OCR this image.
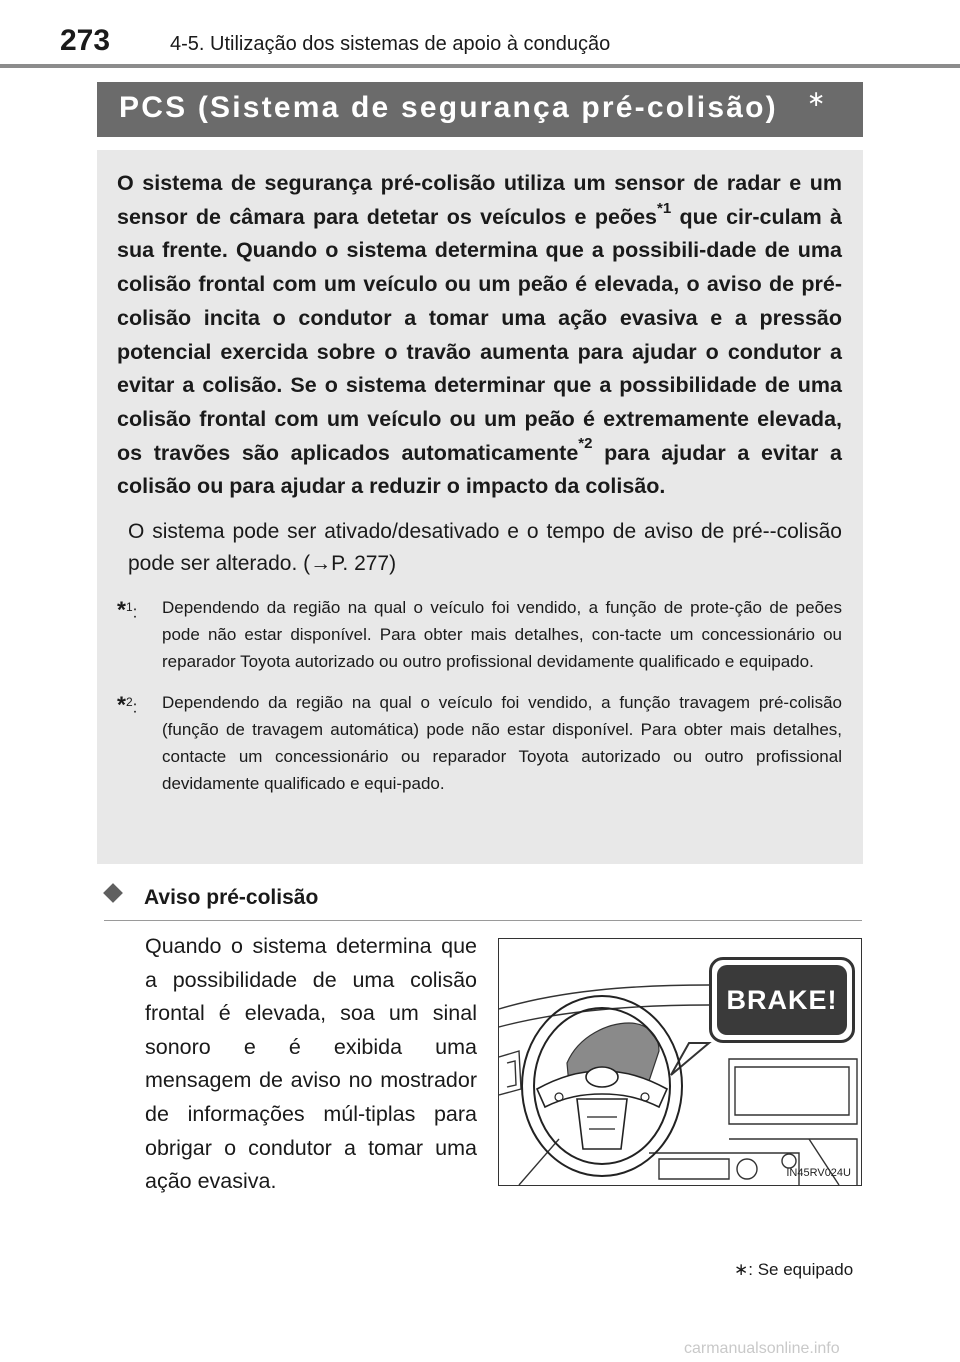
273	4-5. Utilização dos sistemas de apoio à condução
PCS (Sistema de segurança pré-colisão) ∗

O sistema de segurança pré-colisão utiliza um sensor de radar e um sensor de câmara para detetar os veículos e peões$^{*1}$ que cir-culam à sua frente. Quando o sistema determina que a possibili-dade de uma colisão frontal com um veículo ou um peão é elevada, o aviso de pré-colisão incita o condutor a tomar uma ação evasiva e a pressão potencial exercida sobre o travão aumenta para ajudar o condutor a evitar a colisão. Se o sistema determinar que a possibilidade de uma colisão frontal com um veículo ou um peão é extremamente elevada, os travões são aplicados automaticamente$^{*2}$ para ajudar a evitar a colisão ou para ajudar a reduzir o impacto da colisão.

O sistema pode ser ativado/desativado e o tempo de aviso de pré--colisão pode ser alterado. (→P. 277)

*$^1$: Dependendo da região na qual o veículo foi vendido, a função de prote-ção de peões pode não estar disponível. Para obter mais detalhes, con-tacte um concessionário ou reparador Toyota autorizado ou outro profissional devidamente qualificado e equipado.
*$^2$: Dependendo da região na qual o veículo foi vendido, a função travagem pré-colisão (função de travagem automática) pode não estar disponível. Para obter mais detalhes, contacte um concessionário ou reparador Toyota autorizado ou outro profissional devidamente qualificado e equi-pado.
Aviso pré-colisão
Quando o sistema determina que a possibilidade de uma colisão frontal é elevada, soa um sinal sonoro e é exibida uma mensagem de aviso no mostrador de informações múl-tiplas para obrigar o condutor a tomar uma ação evasiva.
BRAKE!
IN45RV024U
∗: Se equipado
carmanualsonline.info
